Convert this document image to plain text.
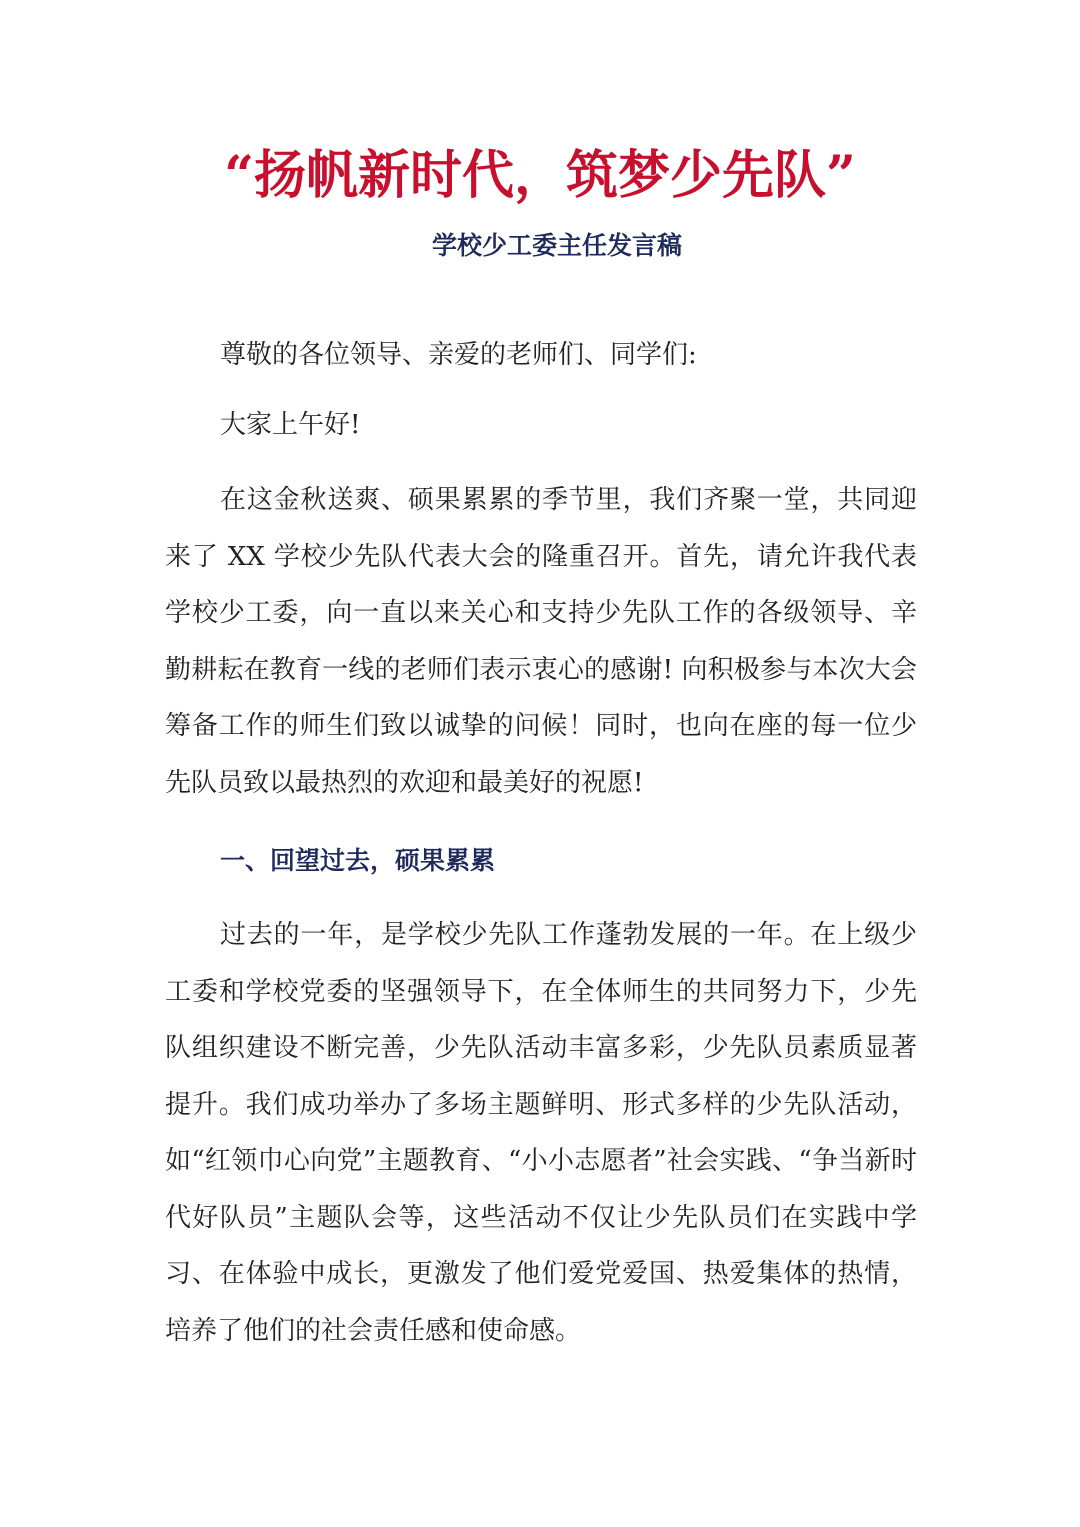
“扬帆新时代，筑梦少先队”
学校少工委主任发言稿

尊敬的各位领导、亲爱的老师们、同学们:

大家上午好!

在这金秋送爽、硕果累累的季节里，我们齐聚一堂，共同迎来了 XX 学校少先队代表大会的隆重召开。首先，请允许我代表学校少工委，向一直以来关心和支持少先队工作的各级领导、辛勤耕耘在教育一线的老师们表示衷心的感谢! 向积极参与本次大会筹备工作的师生们致以诚挚的问候！同时，也向在座的每一位少先队员致以最热烈的欢迎和最美好的祝愿!

一、回望过去，硕果累累

过去的一年，是学校少先队工作蓬勃发展的一年。在上级少工委和学校党委的坚强领导下，在全体师生的共同努力下，少先队组织建设不断完善，少先队活动丰富多彩，少先队员素质显著提升。我们成功举办了多场主题鲜明、形式多样的少先队活动，如“红领巾心向党”主题教育、“小小志愿者”社会实践、“争当新时代好队员”主题队会等，这些活动不仅让少先队员们在实践中学习、在体验中成长，更激发了他们爱党爱国、热爱集体的热情，培养了他们的社会责任感和使命感。
